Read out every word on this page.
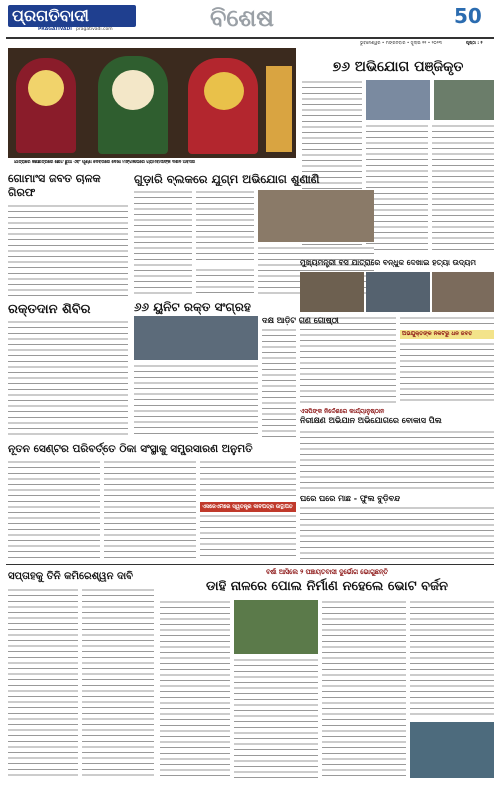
ପ୍ରଗତିବାଦୀ
PRAGATIVADI pragativadi.com	ବିଶେଷ	50
ଭୁବନେଶ୍ୱର • ମଙ୍ଗଳବାର • ଜୁଲାଇ ୧୧ • ୨୦୨୩	ପୃଷ୍ଠା : ୨
ଯାତ୍ରାରେ କିଛିଛାତ୍ରରେ ଛୋଟ ଛୁଆ ଏବଂ ପୂର୍ଣ୍ଣ ଦେବିତାରେ ଦେଖା ମଙ୍ଗଳାଘରେ ଗ୍ରାମବାସୀଙ୍କ ଦର୍ଶନ ଅବସର
୭୬ ଅଭିଯୋଗ ପଞ୍ଜିକୃତ
ଗୋମାଂସ ଜବତ ଚାଳକ ଗିରଫ
ରକ୍ତଦାନ ଶିବିର
ଗୁଡ଼ାରି ବ୍ଲକରେ ଯୁଗ୍ମ ଅଭିଯୋଗ ଶୁଣାଣି
ମୁଖ୍ୟମନ୍ତ୍ରୀ ବସ ଯାତ୍ରାରେ ବନ୍ଧୁକ ଦେଖାଇ ହତ୍ୟା ଉଦ୍ୟମ
ଅଭିଯୁକ୍ତଙ୍କ ନିକଟରୁ ଧନ ଜବତ
୬୬ ୟୁନିଟ ରକ୍ତ ସଂଗ୍ରହ
ଦକ୍ଷ ଆଡ଼ିଟ ଗଣ ଗୋଷ୍ଠୀ
ଏସପିଙ୍କ ନିର୍ଦ୍ଦେଶରେ କାର୍ଯ୍ୟାନୁଷ୍ଠାନ
ନିରୀକ୍ଷଣ ଅଭିଯାନ ଅଭିଯୋଗରେ ବୋକାସ ପିଲ
ନୂତନ ସେଣ୍ଟର ପରିବର୍ତ୍ତେ ଠିକା ସଂସ୍ଥାକୁ ସମ୍ପ୍ରସାରଣ ଅନୁମତି
ଏସଜେଏମରେ ସ୍ୱତନ୍ତ୍ର ଦାବିପତ୍ର ଉତ୍ଥାପିତ
ଘରେ ଘରେ ମାଛ - ଫୁଲ ବୁଡ଼ିବନ୍ଦ
ସପ୍ତାହକୁ ତିନି କମିରେଶ୍ୱନ ଦାବି	ବର୍ଷା ଆସିଲେ ୨ ପଞ୍ଚାୟତବାସୀ ଦୁର୍ଭୋଗ ଭୋଗୁଛନ୍ତି
ଡାହି ନାଳରେ ପୋଲ ନିର୍ମାଣ ନହେଲେ ଭୋଟ ବର୍ଜନ
